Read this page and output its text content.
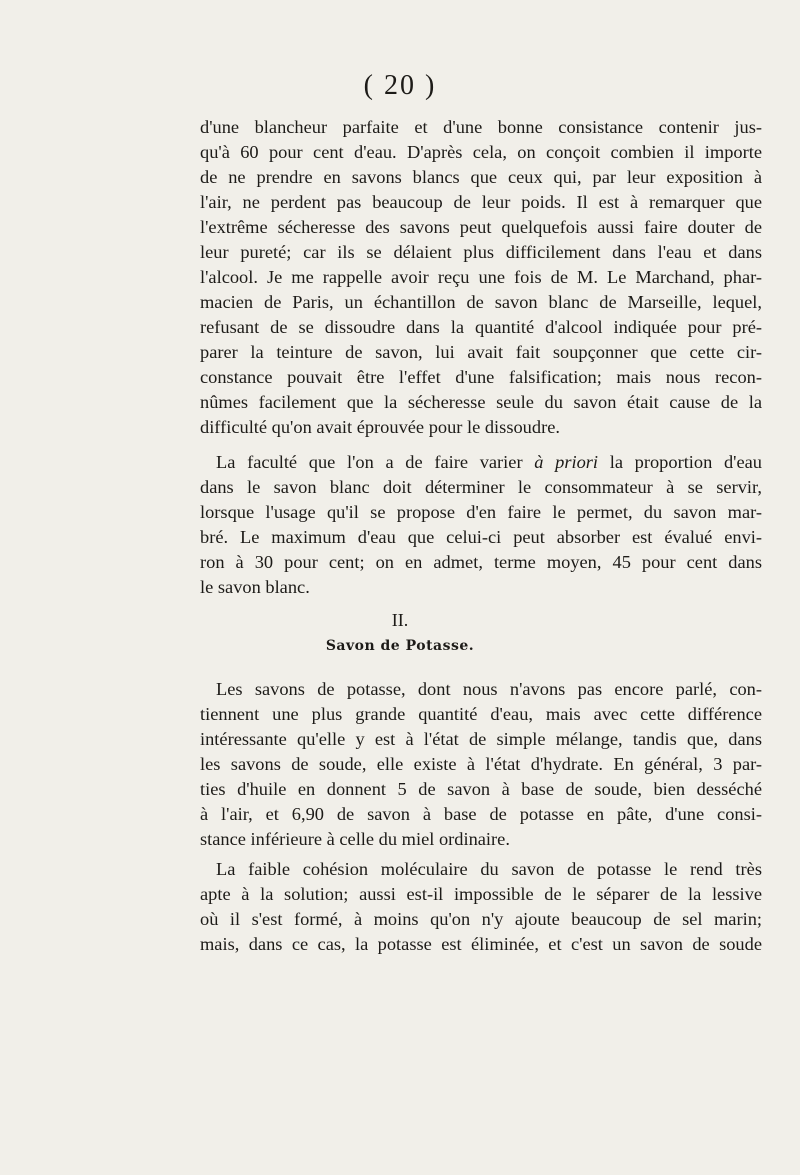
( 20 )
d'une blancheur parfaite et d'une bonne consistance contenir jus-
qu'à 60 pour cent d'eau. D'après cela, on conçoit combien il importe
de ne prendre en savons blancs que ceux qui, par leur exposition à
l'air, ne perdent pas beaucoup de leur poids. Il est à remarquer que
l'extrême sécheresse des savons peut quelquefois aussi faire douter de
leur pureté; car ils se délaient plus difficilement dans l'eau et dans
l'alcool. Je me rappelle avoir reçu une fois de M. Le Marchand, phar-
macien de Paris, un échantillon de savon blanc de Marseille, lequel,
refusant de se dissoudre dans la quantité d'alcool indiquée pour pré-
parer la teinture de savon, lui avait fait soupçonner que cette cir-
constance pouvait être l'effet d'une falsification; mais nous recon-
nûmes facilement que la sécheresse seule du savon était cause de la
difficulté qu'on avait éprouvée pour le dissoudre.
La faculté que l'on a de faire varier à priori la proportion d'eau
dans le savon blanc doit déterminer le consommateur à se servir,
lorsque l'usage qu'il se propose d'en faire le permet, du savon mar-
bré. Le maximum d'eau que celui-ci peut absorber est évalué envi-
ron à 30 pour cent; on en admet, terme moyen, 45 pour cent dans
le savon blanc.
II.
Savon de Potasse.
Les savons de potasse, dont nous n'avons pas encore parlé, con-
tiennent une plus grande quantité d'eau, mais avec cette différence
intéressante qu'elle y est à l'état de simple mélange, tandis que, dans
les savons de soude, elle existe à l'état d'hydrate. En général, 3 par-
ties d'huile en donnent 5 de savon à base de soude, bien desséché
à l'air, et 6,90 de savon à base de potasse en pâte, d'une consi-
stance inférieure à celle du miel ordinaire.
La faible cohésion moléculaire du savon de potasse le rend très
apte à la solution; aussi est-il impossible de le séparer de la lessive
où il s'est formé, à moins qu'on n'y ajoute beaucoup de sel marin;
mais, dans ce cas, la potasse est éliminée, et c'est un savon de soude
